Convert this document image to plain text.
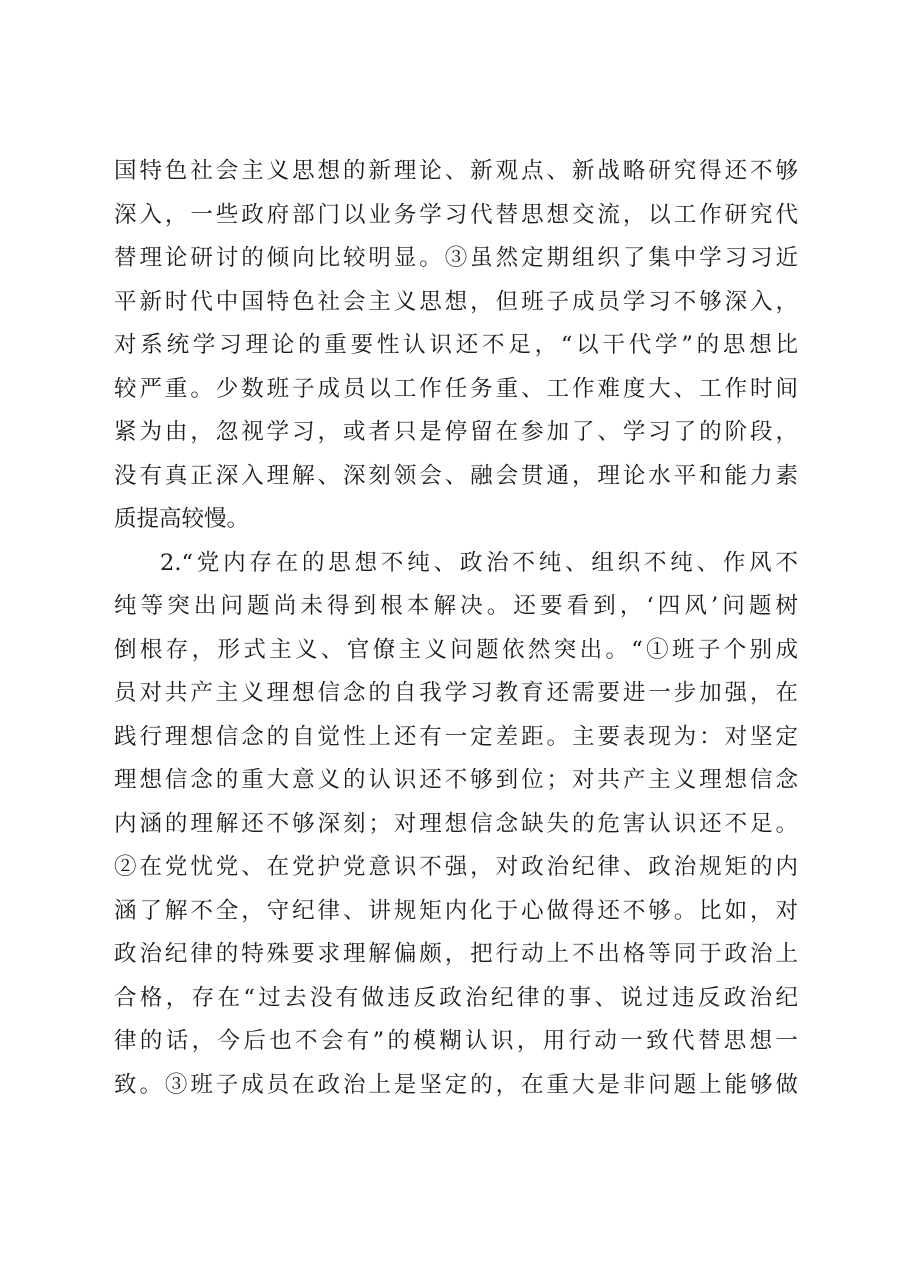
国特色社会主义思想的新理论、新观点、新战略研究得还不够
深入，一些政府部门以业务学习代替思想交流，以工作研究代
替理论研讨的倾向比较明显。③虽然定期组织了集中学习习近
平新时代中国特色社会主义思想，但班子成员学习不够深入，
对系统学习理论的重要性认识还不足，“以干代学”的思想比
较严重。少数班子成员以工作任务重、工作难度大、工作时间
紧为由，忽视学习，或者只是停留在参加了、学习了的阶段，
没有真正深入理解、深刻领会、融会贯通，理论水平和能力素
质提高较慢。
2.“党内存在的思想不纯、政治不纯、组织不纯、作风不
纯等突出问题尚未得到根本解决。还要看到，‘四风’问题树
倒根存，形式主义、官僚主义问题依然突出。“①班子个别成
员对共产主义理想信念的自我学习教育还需要进一步加强，在
践行理想信念的自觉性上还有一定差距。主要表现为：对坚定
理想信念的重大意义的认识还不够到位；对共产主义理想信念
内涵的理解还不够深刻；对理想信念缺失的危害认识还不足。
②在党忧党、在党护党意识不强，对政治纪律、政治规矩的内
涵了解不全，守纪律、讲规矩内化于心做得还不够。比如，对
政治纪律的特殊要求理解偏颇，把行动上不出格等同于政治上
合格，存在“过去没有做违反政治纪律的事、说过违反政治纪
律的话，今后也不会有”的模糊认识，用行动一致代替思想一
致。③班子成员在政治上是坚定的，在重大是非问题上能够做
